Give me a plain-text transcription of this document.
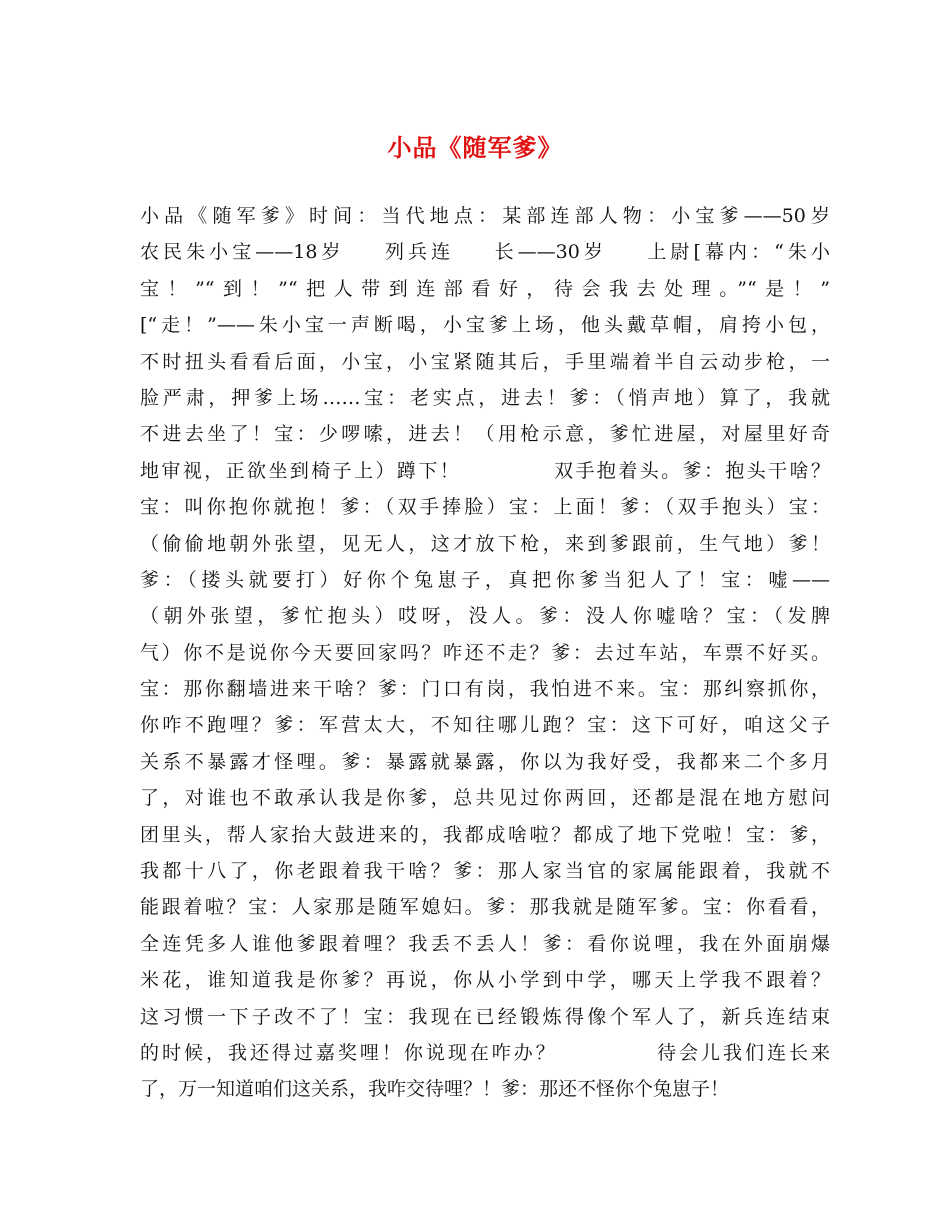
小品《随军爹》
小品《随军爹》时间：当代地点：某部连部人物：小宝爹——50岁
农民朱小宝——18岁    列兵连    长——30岁    上尉[幕内：“朱小
宝！”“到！”“把人带到连部看好，待会我去处理。”“是！”
[“走！”——朱小宝一声断喝，小宝爹上场，他头戴草帽，肩挎小包，
不时扭头看看后面，小宝，小宝紧随其后，手里端着半自云动步枪，一
脸严肃，押爹上场……宝：老实点，进去！爹：（悄声地）算了，我就
不进去坐了！宝：少啰嗦，进去！（用枪示意，爹忙进屋，对屋里好奇
地审视，正欲坐到椅子上）蹲下！           双手抱着头。爹：抱头干啥？
宝：叫你抱你就抱！爹：（双手捧脸）宝：上面！爹：（双手抱头）宝：
（偷偷地朝外张望，见无人，这才放下枪，来到爹跟前，生气地）爹！
爹：（搂头就要打）好你个兔崽子，真把你爹当犯人了！宝：嘘——
（朝外张望，爹忙抱头）哎呀，没人。爹：没人你嘘啥？宝：（发脾
气）你不是说你今天要回家吗？咋还不走？爹：去过车站，车票不好买。
宝：那你翻墙进来干啥？爹：门口有岗，我怕进不来。宝：那纠察抓你，
你咋不跑哩？爹：军营太大，不知往哪儿跑？宝：这下可好，咱这父子
关系不暴露才怪哩。爹：暴露就暴露，你以为我好受，我都来二个多月
了，对谁也不敢承认我是你爹，总共见过你两回，还都是混在地方慰问
团里头，帮人家抬大鼓进来的，我都成啥啦？都成了地下党啦！宝：爹，
我都十八了，你老跟着我干啥？爹：那人家当官的家属能跟着，我就不
能跟着啦？宝：人家那是随军媳妇。爹：那我就是随军爹。宝：你看看，
全连凭多人谁他爹跟着哩？我丢不丢人！爹：看你说哩，我在外面崩爆
米花，谁知道我是你爹？再说，你从小学到中学，哪天上学我不跟着？
这习惯一下子改不了！宝：我现在已经锻炼得像个军人了，新兵连结束
的时候，我还得过嘉奖哩！你说现在咋办？           待会儿我们连长来
了，万一知道咱们这关系，我咋交待哩？！爹：那还不怪你个兔崽子！
